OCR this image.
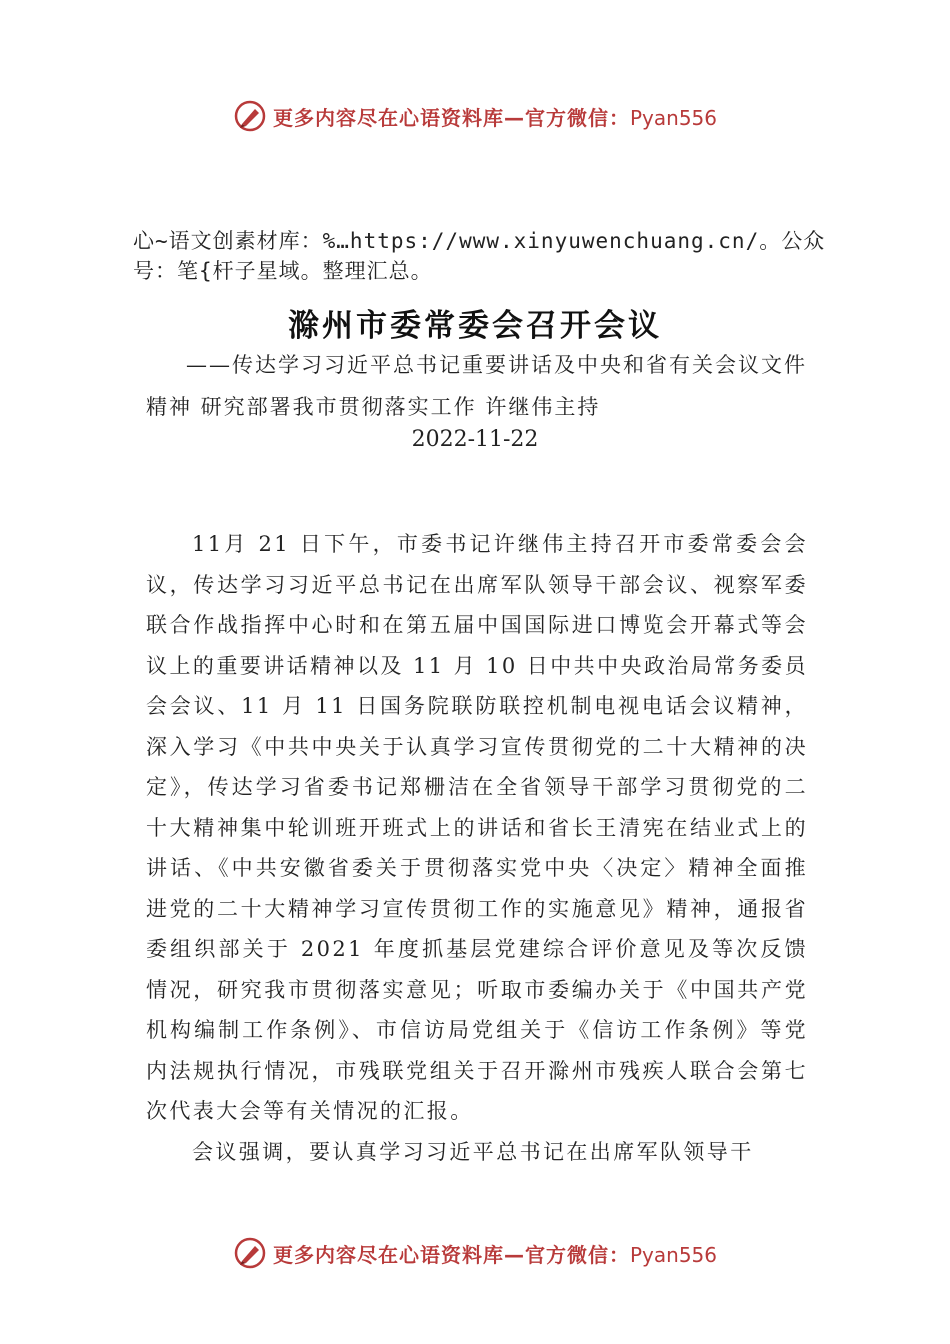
更多内容尽在心语资料库—官方微信：Pyan556
心~语文创素材库：%…https://www.xinyuwenchuang.cn/。公众号：笔{杆子星域。整理汇总。
滁州市委常委会召开会议
——传达学习习近平总书记重要讲话及中央和省有关会议文件精神 研究部署我市贯彻落实工作 许继伟主持
2022-11-22

11月 21 日下午，市委书记许继伟主持召开市委常委会会议，传达学习习近平总书记在出席军队领导干部会议、视察军委联合作战指挥中心时和在第五届中国国际进口博览会开幕式等会议上的重要讲话精神以及 11 月 10 日中共中央政治局常务委员会会议、11 月 11 日国务院联防联控机制电视电话会议精神，深入学习《中共中央关于认真学习宣传贯彻党的二十大精神的决定》，传达学习省委书记郑栅洁在全省领导干部学习贯彻党的二十大精神集中轮训班开班式上的讲话和省长王清宪在结业式上的讲话、《中共安徽省委关于贯彻落实党中央〈决定〉精神全面推进党的二十大精神学习宣传贯彻工作的实施意见》精神，通报省委组织部关于 2021 年度抓基层党建综合评价意见及等次反馈情况，研究我市贯彻落实意见；听取市委编办关于《中国共产党机构编制工作条例》、市信访局党组关于《信访工作条例》等党内法规执行情况，市残联党组关于召开滁州市残疾人联合会第七次代表大会等有关情况的汇报。

会议强调，要认真学习习近平总书记在出席军队领导干

更多内容尽在心语资料库—官方微信：Pyan556
